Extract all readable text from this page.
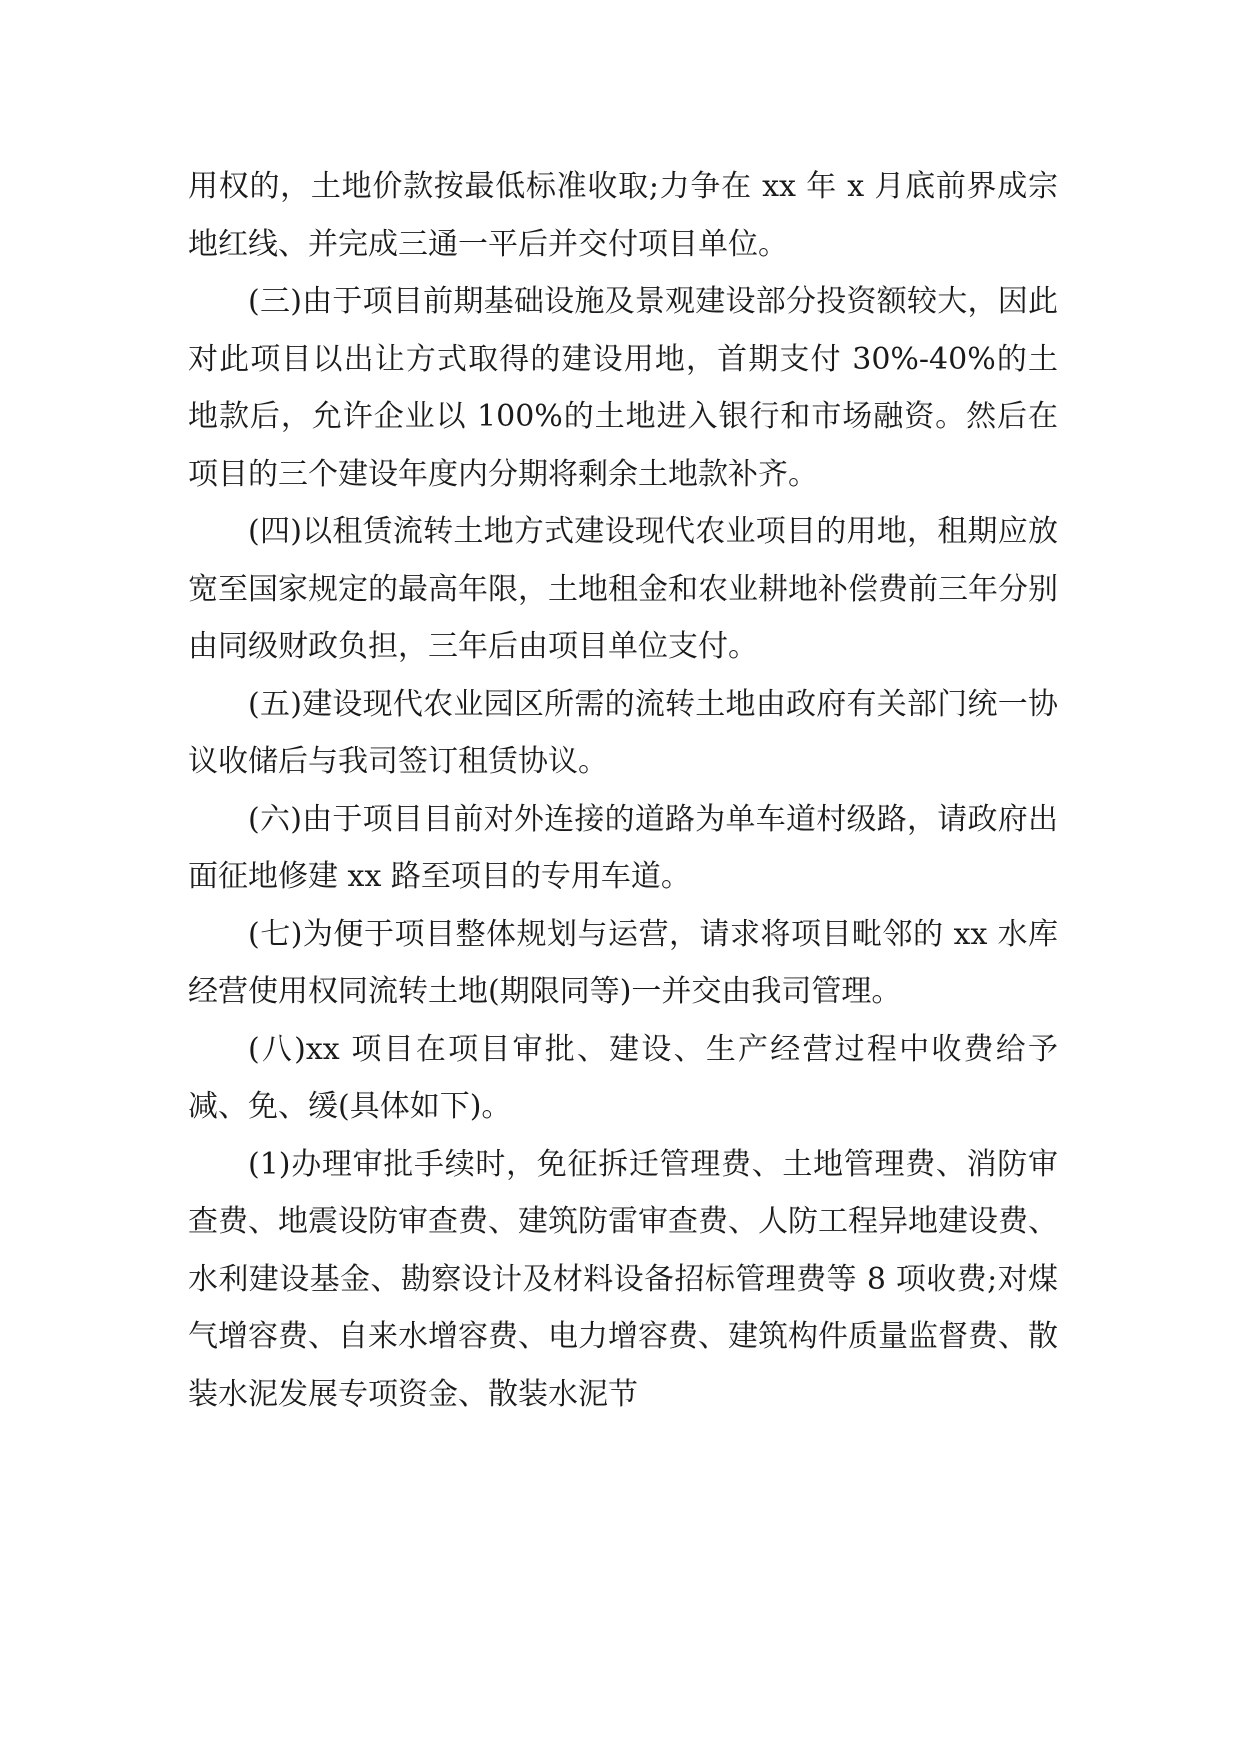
用权的，土地价款按最低标准收取;力争在 xx 年 x 月底前界成宗地红线、并完成三通一平后并交付项目单位。

(三)由于项目前期基础设施及景观建设部分投资额较大，因此对此项目以出让方式取得的建设用地，首期支付 30%-40%的土地款后，允许企业以 100%的土地进入银行和市场融资。然后在项目的三个建设年度内分期将剩余土地款补齐。

(四)以租赁流转土地方式建设现代农业项目的用地，租期应放宽至国家规定的最高年限，土地租金和农业耕地补偿费前三年分别由同级财政负担，三年后由项目单位支付。

(五)建设现代农业园区所需的流转土地由政府有关部门统一协议收储后与我司签订租赁协议。

(六)由于项目目前对外连接的道路为单车道村级路，请政府出面征地修建 xx 路至项目的专用车道。

(七)为便于项目整体规划与运营，请求将项目毗邻的 xx 水库经营使用权同流转土地(期限同等)一并交由我司管理。

(八)xx 项目在项目审批、建设、生产经营过程中收费给予减、免、缓(具体如下)。

(1)办理审批手续时，免征拆迁管理费、土地管理费、消防审查费、地震设防审查费、建筑防雷审查费、人防工程异地建设费、水利建设基金、勘察设计及材料设备招标管理费等 8 项收费;对煤气增容费、自来水增容费、电力增容费、建筑构件质量监督费、散装水泥发展专项资金、散装水泥节
